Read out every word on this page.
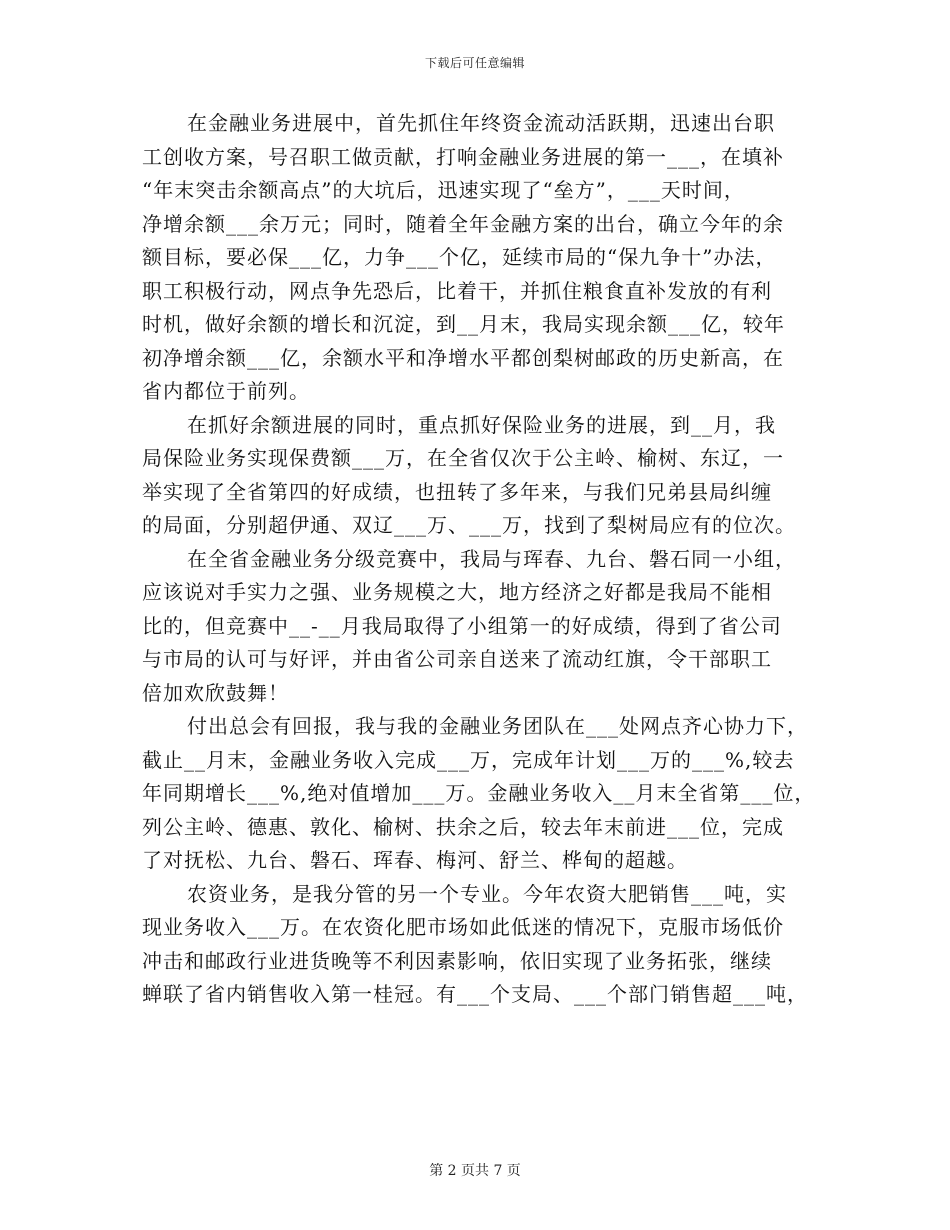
下载后可任意编辑
在金融业务进展中，首先抓住年终资金流动活跃期，迅速出台职
工创收方案，号召职工做贡献，打响金融业务进展的第一___，在填补
“年末突击余额高点”的大坑后，迅速实现了“垒方”，___天时间，
净增余额___余万元；同时，随着全年金融方案的出台，确立今年的余
额目标，要必保___亿，力争___个亿，延续市局的“保九争十”办法，
职工积极行动，网点争先恐后，比着干，并抓住粮食直补发放的有利
时机，做好余额的增长和沉淀，到__月末，我局实现余额___亿，较年
初净增余额___亿，余额水平和净增水平都创梨树邮政的历史新高，在
省内都位于前列。
在抓好余额进展的同时，重点抓好保险业务的进展，到__月，我
局保险业务实现保费额___万，在全省仅次于公主岭、榆树、东辽，一
举实现了全省第四的好成绩，也扭转了多年来，与我们兄弟县局纠缠
的局面，分别超伊通、双辽___万、___万，找到了梨树局应有的位次。
在全省金融业务分级竞赛中，我局与珲春、九台、磐石同一小组，
应该说对手实力之强、业务规模之大，地方经济之好都是我局不能相
比的，但竞赛中__-__月我局取得了小组第一的好成绩，得到了省公司
与市局的认可与好评，并由省公司亲自送来了流动红旗，令干部职工
倍加欢欣鼓舞！
付出总会有回报，我与我的金融业务团队在___处网点齐心协力下，
截止__月末，金融业务收入完成___万，完成年计划___万的___%,较去
年同期增长___%,绝对值增加___万。金融业务收入__月末全省第___位，
列公主岭、德惠、敦化、榆树、扶余之后，较去年末前进___位，完成
了对抚松、九台、磐石、珲春、梅河、舒兰、桦甸的超越。
农资业务，是我分管的另一个专业。今年农资大肥销售___吨，实
现业务收入___万。在农资化肥市场如此低迷的情况下，克服市场低价
冲击和邮政行业进货晚等不利因素影响，依旧实现了业务拓张，继续
蝉联了省内销售收入第一桂冠。有___个支局、___个部门销售超___吨，
第 2 页共 7 页
